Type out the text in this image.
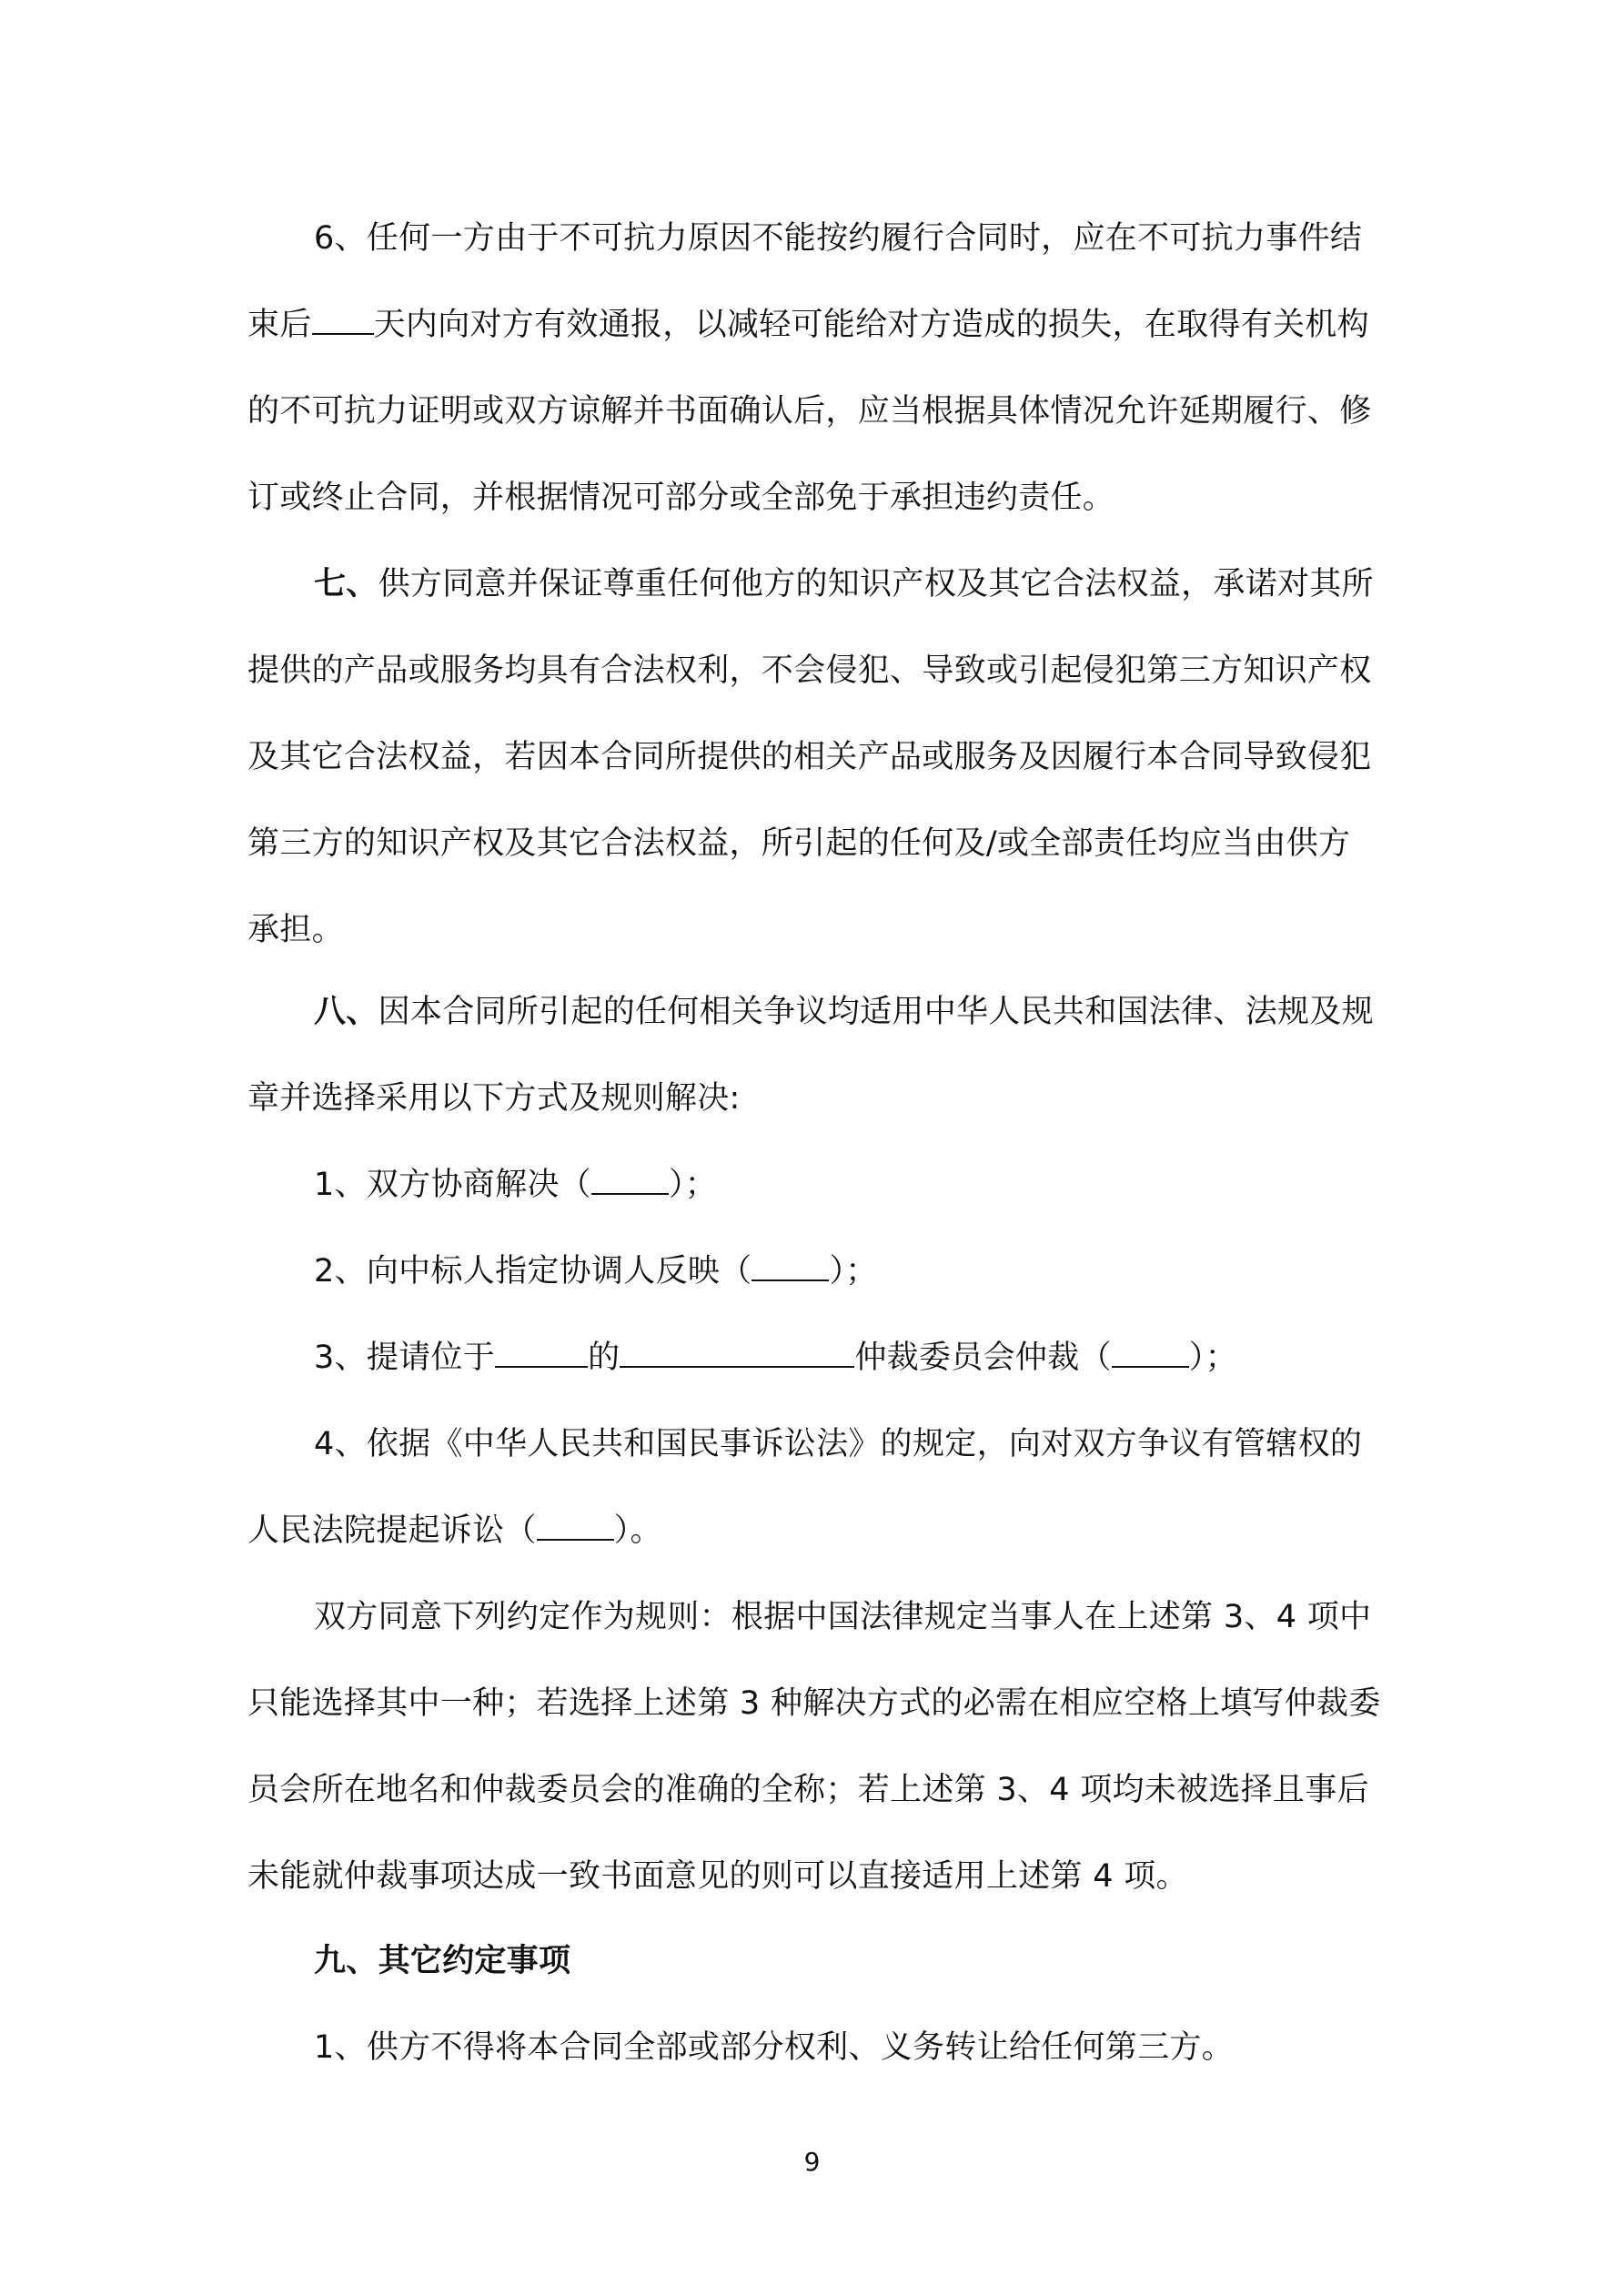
6、任何一方由于不可抗力原因不能按约履行合同时，应在不可抗力事件结
束后 天内向对方有效通报，以减轻可能给对方造成的损失，在取得有关机构
的不可抗力证明或双方谅解并书面确认后，应当根据具体情况允许延期履行、修
订或终止合同，并根据情况可部分或全部免于承担违约责任。
七、供方同意并保证尊重任何他方的知识产权及其它合法权益，承诺对其所
提供的产品或服务均具有合法权利，不会侵犯、导致或引起侵犯第三方知识产权
及其它合法权益，若因本合同所提供的相关产品或服务及因履行本合同导致侵犯
第三方的知识产权及其它合法权益，所引起的任何及/或全部责任均应当由供方
承担。
八、因本合同所引起的任何相关争议均适用中华人民共和国法律、法规及规
章并选择采用以下方式及规则解决:
1、双方协商解决（ ）；
2、向中标人指定协调人反映（ ）；
3、提请位于	的	仲裁委员会仲裁（ ）；
4、依据《中华人民共和国民事诉讼法》的规定，向对双方争议有管辖权的
人民法院提起诉讼（ ）。
双方同意下列约定作为规则：根据中国法律规定当事人在上述第 3、4 项中
只能选择其中一种；若选择上述第 3 种解决方式的必需在相应空格上填写仲裁委
员会所在地名和仲裁委员会的准确的全称；若上述第 3、4 项均未被选择且事后
未能就仲裁事项达成一致书面意见的则可以直接适用上述第 4 项。
九、其它约定事项
1、供方不得将本合同全部或部分权利、义务转让给任何第三方。
9
